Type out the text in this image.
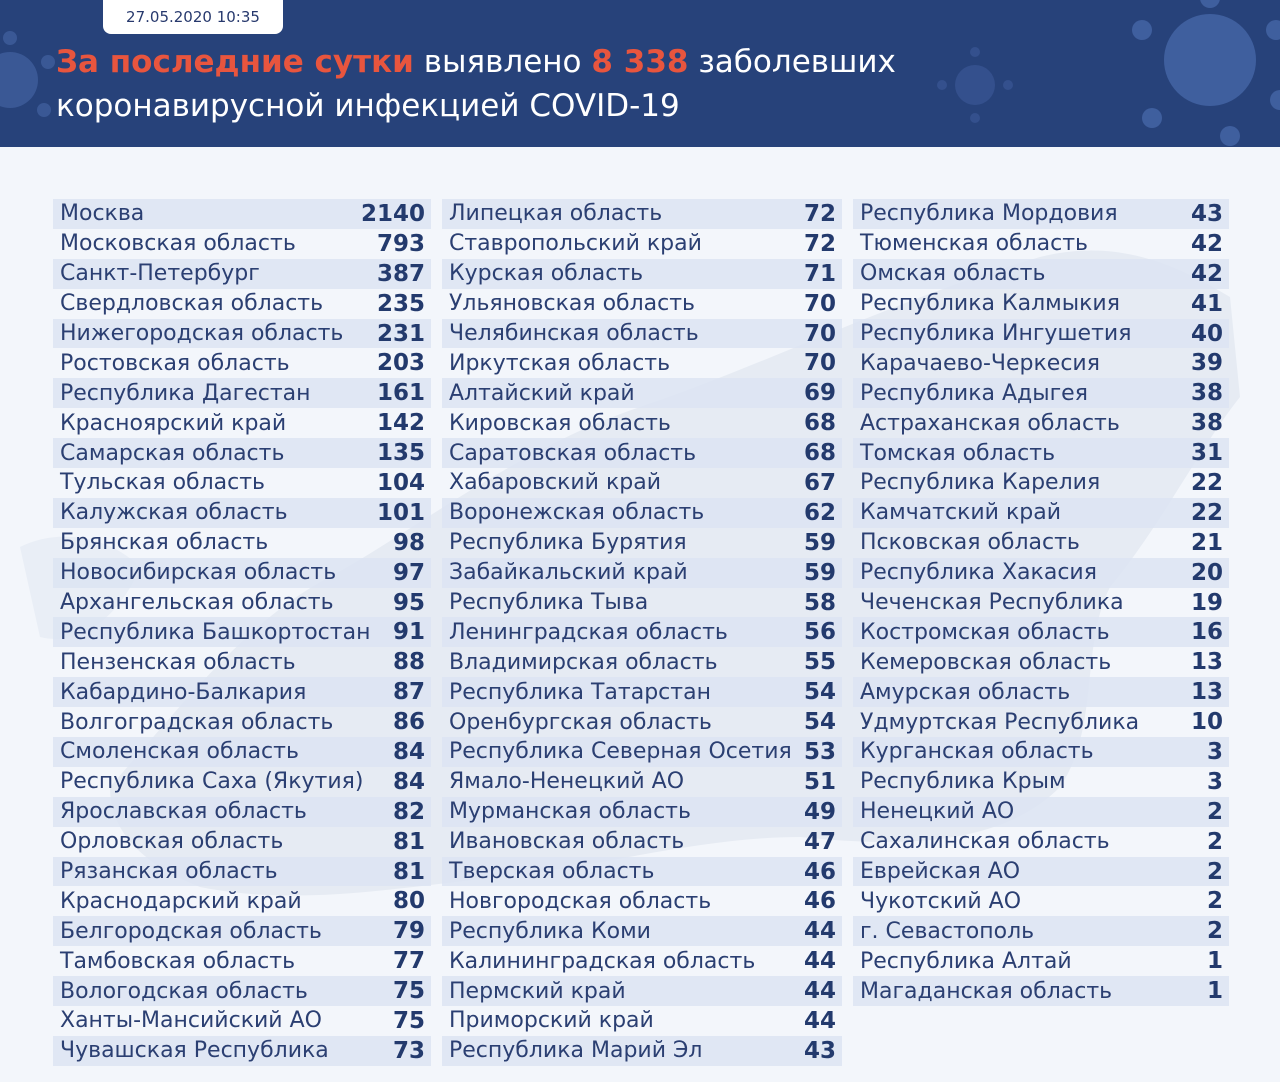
27.05.2020 10:35
За последние сутки выявлено 8 338 заболевших
коронавирусной инфекцией COVID-19
Москва	2140
Московская область	793
Санкт-Петербург	387
Свердловская область 235
Нижегородская область 231
Ростовская область	203
Республика Дагестан	161
Красноярский край	142
Самарская область	135
Тульская область	104
Калужская область	101
Брянская область	98
Новосибирская область 97
Архангельская область	95
Республика Башкортостан 91
Пензенская область	88
Кабардино-Балкария	87
Волгоградская область	86
Смоленская область	84
Республика Саха (Якутия) 84
Ярославская область	82
Орловская область	81
Рязанская область	81
Краснодарский край	80
Белгородская область	79
Тамбовская область	77
Вологодская область	75
Ханты-Мансийский АО	75
Чувашская Республика	73
Липецкая область	72
Ставропольский край	72
Курская область	71
Ульяновская область	70
Челябинская область	70
Иркутская область	70
Алтайский край	69
Кировская область	68
Саратовская область	68
Хабаровский край	67
Воронежская область	62
Республика Бурятия	59
Забайкальский край	59
Республика Тыва	58
Ленинградская область	56
Владимирская область	55
Республика Татарстан	54
Оренбургская область	54
Республика Северная Осетия 53
Ямало-Ненецкий АО	51
Мурманская область	49
Ивановская область	47
Тверская область	46
Новгородская область	46
Республика Коми	44
Калининградская область 44
Пермский край	44
Приморский край	44
Республика Марий Эл	43
Республика Мордовия	43
Тюменская область	42
Омская область	42
Республика Калмыкия	41
Республика Ингушетия	40
Карачаево-Черкесия	39
Республика Адыгея	38
Астраханская область	38
Томская область	31
Республика Карелия	22
Камчатский край	22
Псковская область	21
Республика Хакасия	20
Чеченская Республика	19
Костромская область	16
Кемеровская область	13
Амурская область	13
Удмуртская Республика 10
Курганская область	3
Республика Крым	3
Ненецкий АО	2
Сахалинская область	2
Еврейская АО	2
Чукотский АО	2
г. Севастополь	2
Республика Алтай	1
Магаданская область	1
